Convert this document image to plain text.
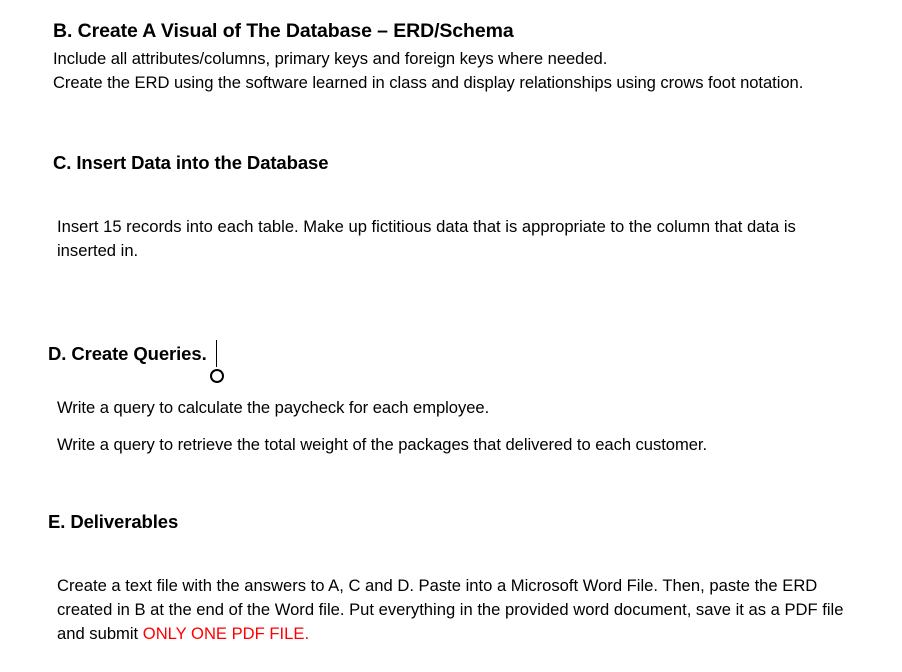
B. Create A Visual of The Database – ERD/Schema
Include all attributes/columns, primary keys and foreign keys where needed.
Create the ERD using the software learned in class and display relationships using crows foot notation.
C. Insert Data into the Database
Insert 15 records into each table. Make up fictitious data that is appropriate to the column that data is inserted in.
D. Create Queries.
Write a query to calculate the paycheck for each employee.
Write a query to retrieve the total weight of the packages that delivered to each customer.
E. Deliverables
Create a text file with the answers to A, C and D. Paste into a Microsoft Word File. Then, paste the ERD created in B at the end of the Word file. Put everything in the provided word document, save it as a PDF file and submit ONLY ONE PDF FILE.
